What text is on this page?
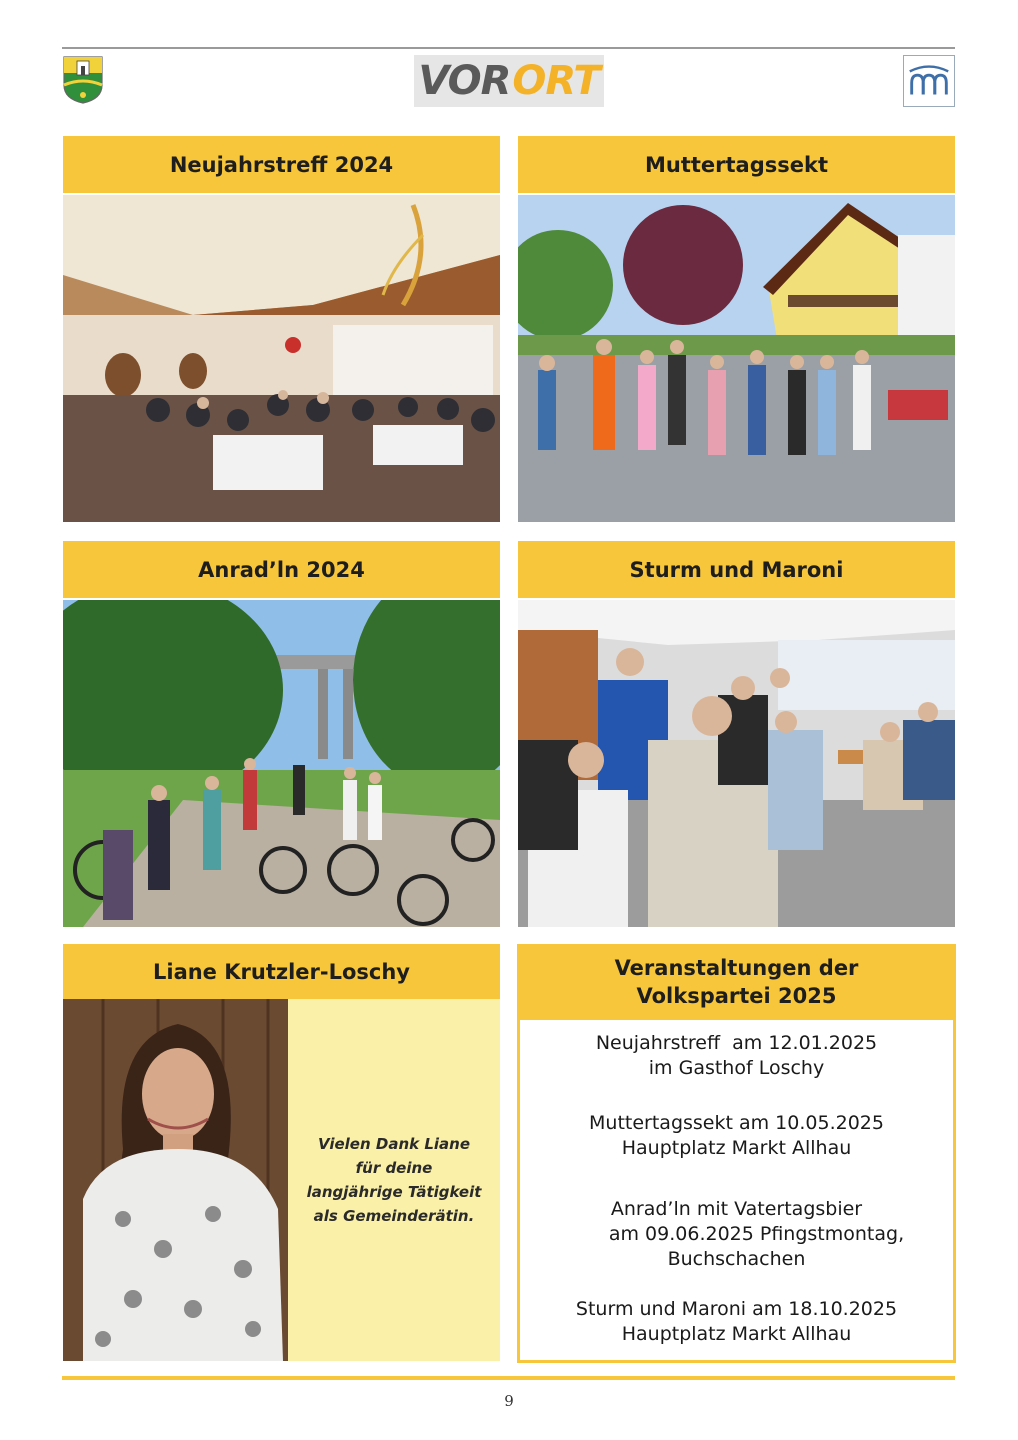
VOR ORT
Neujahrstreff 2024	Muttertagssekt
Anrad’ln 2024	Sturm und Maroni
Liane Krutzler-Loschy
Vielen Dank Liane
für deine
langjährige Tätigkeit
als Gemeinderätin.
Veranstaltungen der
Volkspartei 2025
Neujahrstreff  am 12.01.2025
im Gasthof Loschy
Muttertagssekt am 10.05.2025
Hauptplatz Markt Allhau
Anrad’ln mit Vatertagsbier
am 09.06.2025 Pfingstmontag,
Buchschachen
Sturm und Maroni am 18.10.2025
Hauptplatz Markt Allhau
9
